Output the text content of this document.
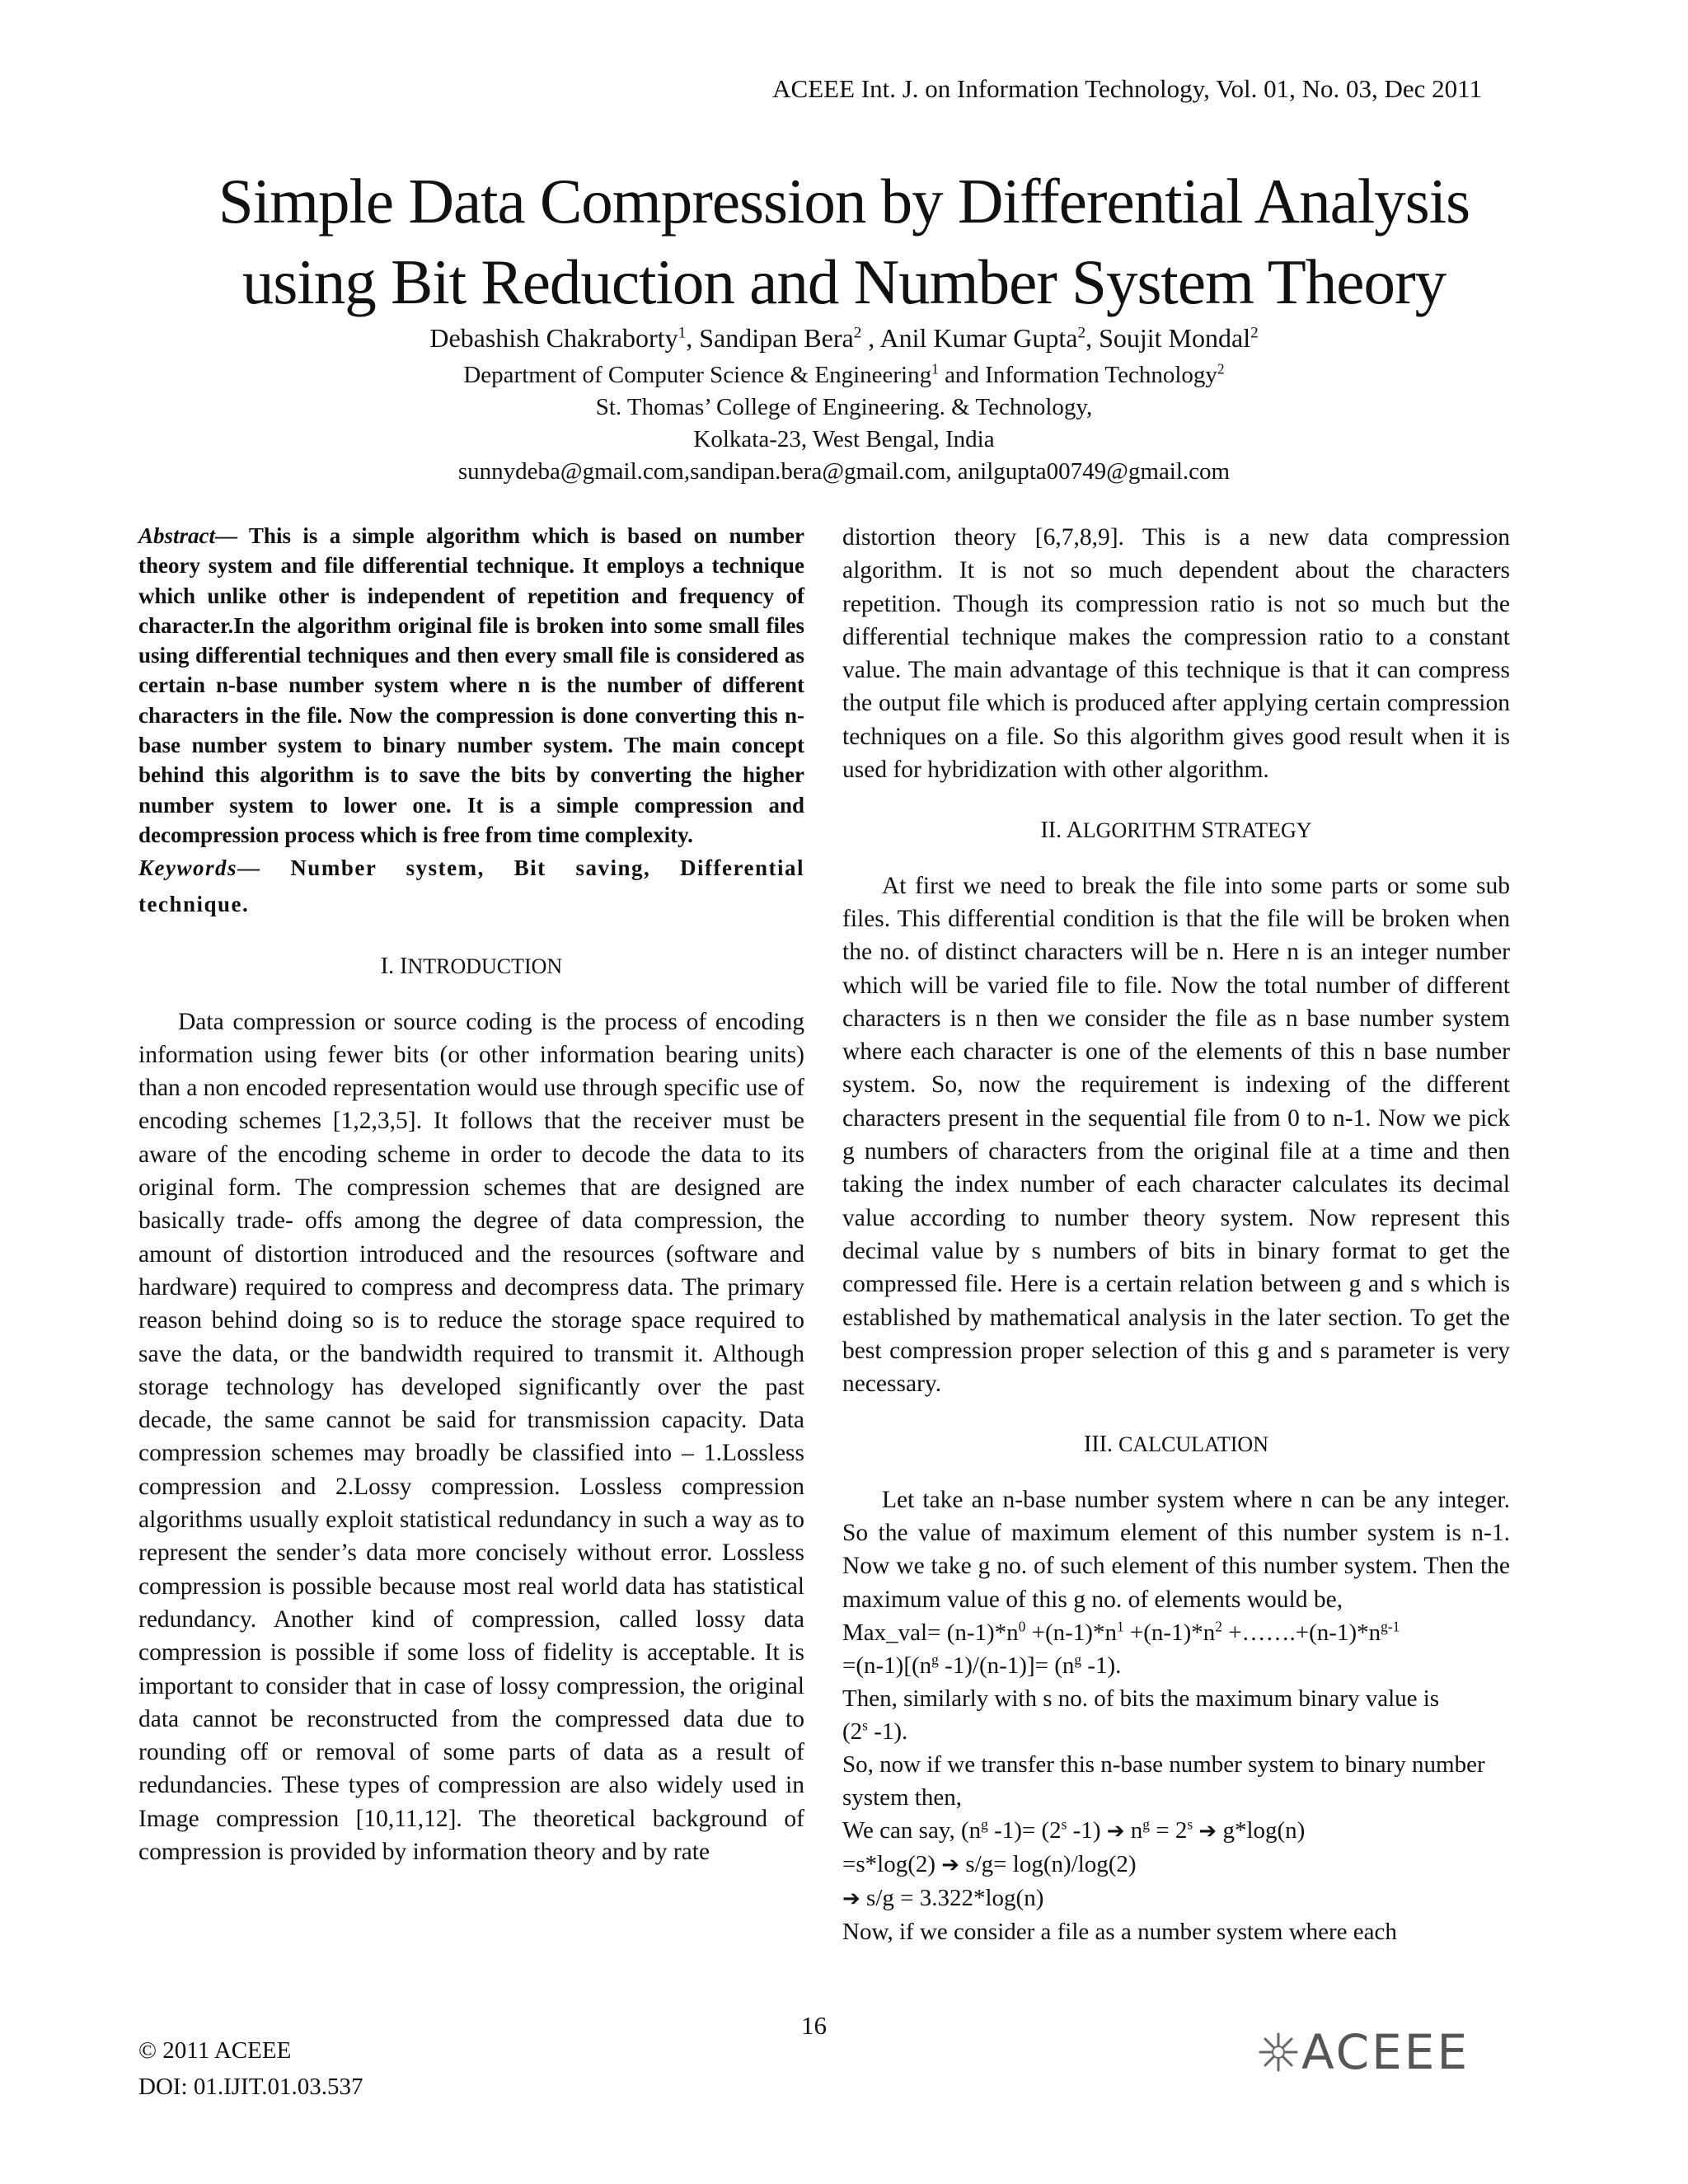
ACEEE Int. J. on Information Technology, Vol. 01, No. 03, Dec 2011
Simple Data Compression by Differential Analysis
using Bit Reduction and Number System Theory
Debashish Chakraborty$^1$, Sandipan Bera$^2$ , Anil Kumar Gupta$^2$, Soujit Mondal$^2$
Department of Computer Science & Engineering$^1$ and Information Technology$^2$
St. Thomas’ College of Engineering. & Technology,
Kolkata-23, West Bengal, India
sunnydeba@gmail.com,sandipan.bera@gmail.com, anilgupta00749@gmail.com

Abstract— This is a simple algorithm which is based on number theory system and file differential technique. It employs a technique which unlike other is independent of repetition and frequency of character.In the algorithm original file is broken into some small files using differential techniques and then every small file is considered as certain n-base number system where n is the number of different characters in the file. Now the compression is done converting this n-base number system to binary number system. The main concept behind this algorithm is to save the bits by converting the higher number system to lower one. It is a simple compression and decompression process which is free from time complexity.

Keywords— Number system, Bit saving, Differential technique.

I. INTRODUCTION

Data compression or source coding is the process of encoding information using fewer bits (or other information bearing units) than a non encoded representation would use through specific use of encoding schemes [1,2,3,5]. It follows that the receiver must be aware of the encoding scheme in order to decode the data to its original form. The compression schemes that are designed are basically trade- offs among the degree of data compression, the amount of distortion introduced and the resources (software and hardware) required to compress and decompress data. The primary reason behind doing so is to reduce the storage space required to save the data, or the bandwidth required to transmit it. Although storage technology has developed significantly over the past decade, the same cannot be said for transmission capacity. Data compression schemes may broadly be classified into – 1.Lossless compression and 2.Lossy compression. Lossless compression algorithms usually exploit statistical redundancy in such a way as to represent the sender’s data more concisely without error. Lossless compression is possible because most real world data has statistical redundancy. Another kind of compression, called lossy data compression is possible if some loss of fidelity is acceptable. It is important to consider that in case of lossy compression, the original data cannot be reconstructed from the compressed data due to rounding off or removal of some parts of data as a result of redundancies. These types of compression are also widely used in Image compression [10,11,12]. The theoretical background of compression is provided by information theory and by rate

distortion theory [6,7,8,9]. This is a new data compression algorithm. It is not so much dependent about the characters repetition. Though its compression ratio is not so much but the differential technique makes the compression ratio to a constant value. The main advantage of this technique is that it can compress the output file which is produced after applying certain compression techniques on a file. So this algorithm gives good result when it is used for hybridization with other algorithm.

II. ALGORITHM STRATEGY

At first we need to break the file into some parts or some sub files. This differential condition is that the file will be broken when the no. of distinct characters will be n. Here n is an integer number which will be varied file to file. Now the total number of different characters is n then we consider the file as n base number system where each character is one of the elements of this n base number system. So, now the requirement is indexing of the different characters present in the sequential file from 0 to n-1. Now we pick g numbers of characters from the original file at a time and then taking the index number of each character calculates its decimal value according to number theory system. Now represent this decimal value by s numbers of bits in binary format to get the compressed file. Here is a certain relation between g and s which is established by mathematical analysis in the later section. To get the best compression proper selection of this g and s parameter is very necessary.

III. CALCULATION

Let take an n-base number system where n can be any integer. So the value of maximum element of this number system is n-1. Now we take g no. of such element of this number system. Then the maximum value of this g no. of elements would be,

Max_val= $(n-1)*n^0 +(n-1)*n^1 +(n-1)*n^2$ $+\dots\dots.+(n-1)*n^{g-1}$
$=(n-1)[(n^g$ $-1)/(n-1)]= (n^g$ -1).
Then, similarly with s no. of bits the maximum binary value is
(2$^s$ -1).
So, now if we transfer this n-base number system to binary number system then,
We can say, ($n^g$ $-1)= (2^s$ -1) ➔ $n^g = 2^s$ ➔ g*log(n)
=s*log(2) ➔ s/g= log(n)/log(2)
➔ s/g = 3.322*log(n)
Now, if we consider a file as a number system where each
© 2011 ACEEE
DOI: 01.IJIT.01.03.537
16	ACEEE
